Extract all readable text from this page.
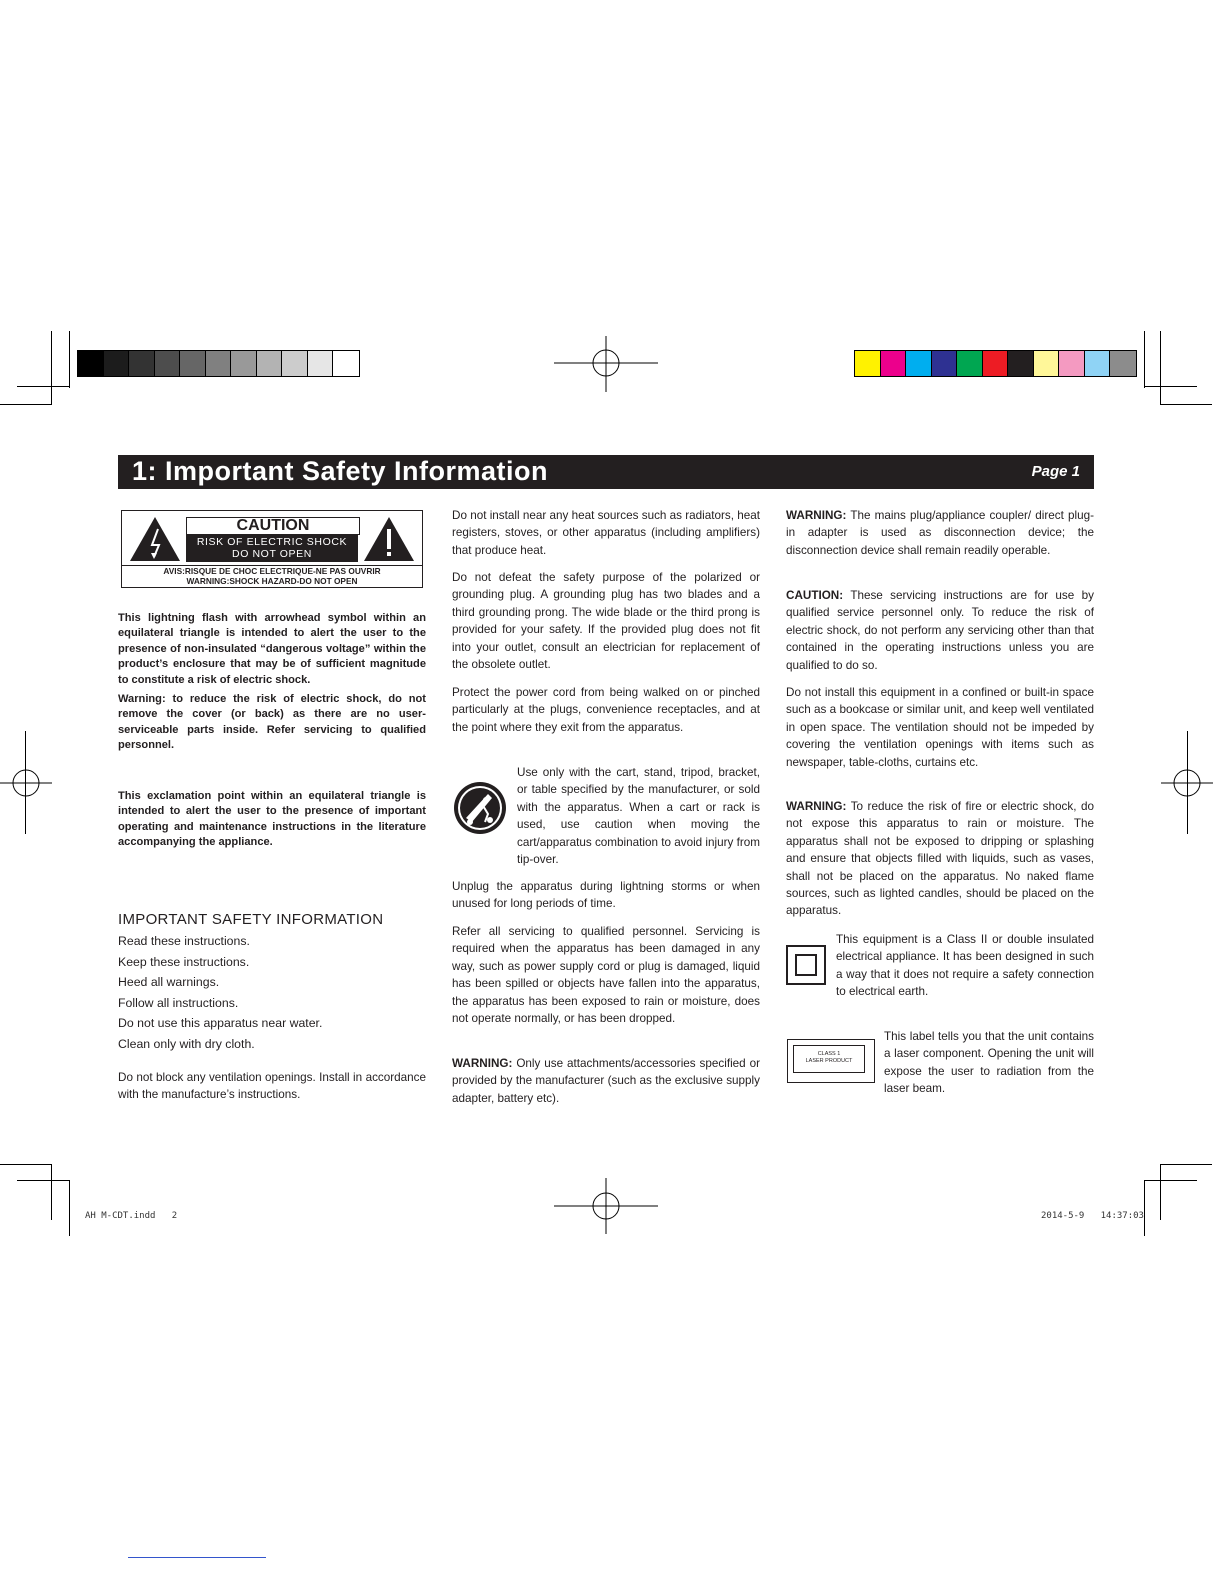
1: Important Safety Information	Page 1
CAUTION
RISK OF ELECTRIC SHOCK
DO NOT OPEN
AVIS:RISQUE DE CHOC ELECTRIQUE-NE PAS OUVRIR
WARNING:SHOCK HAZARD-DO NOT OPEN
This lightning flash with arrowhead symbol within an equilateral triangle is intended to alert the user to the presence of non-insulated “dangerous voltage” within the product’s enclosure that may be of sufficient magnitude to constitute a risk of electric shock.
Warning: to reduce the risk of electric shock, do not remove the cover (or back) as there are no user-serviceable parts inside. Refer servicing to qualified personnel.
This exclamation point within an equilateral triangle is intended to alert the user to the presence of important operating and maintenance instructions in the literature accompanying the appliance.
IMPORTANT SAFETY INFORMATION
Read these instructions.
Keep these instructions.
Heed all warnings.
Follow all instructions.
Do not use this apparatus near water.
Clean only with dry cloth.
Do not block any ventilation openings. Install in accordance with the manufacture’s instructions.
Do not install near any heat sources such as radiators, heat registers, stoves, or other apparatus (including amplifiers) that produce heat.
Do not defeat the safety purpose of the polarized or grounding plug. A grounding plug has two blades and a third grounding prong. The wide blade or the third prong is provided for your safety. If the provided plug does not fit into your outlet, consult an electrician for replacement of the obsolete outlet.
Protect the power cord from being walked on or pinched particularly at the plugs, convenience receptacles, and at the point where they exit from the apparatus.
Use only with the cart, stand, tripod, bracket, or table specified by the manufacturer, or sold with the apparatus. When a cart or rack is used, use caution when moving the cart/apparatus combination to avoid injury from tip-over.
Unplug the apparatus during lightning storms or when unused for long periods of time.
Refer all servicing to qualified personnel. Servicing is required when the apparatus has been damaged in any way, such as power supply cord or plug is damaged, liquid has been spilled or objects have fallen into the apparatus, the apparatus has been exposed to rain or moisture, does not operate normally, or has been dropped.
WARNING: Only use attachments/accessories specified or provided by the manufacturer (such as the exclusive supply adapter, battery etc).
WARNING: The mains plug/appliance coupler/ direct plug-in adapter is used as disconnection device; the disconnection device shall remain readily operable.
CAUTION: These servicing instructions are for use by qualified service personnel only. To reduce the risk of electric shock, do not perform any servicing other than that contained in the operating instructions unless you are qualified to do so.
Do not install this equipment in a confined or built-in space such as a bookcase or similar unit, and keep well ventilated in open space. The ventilation should not be impeded by covering the ventilation openings with items such as newspaper, table-cloths, curtains etc.
WARNING: To reduce the risk of fire or electric shock, do not expose this apparatus to rain or moisture. The apparatus shall not be exposed to dripping or splashing and ensure that objects filled with liquids, such as vases, shall not be placed on the apparatus. No naked flame sources, such as lighted candles, should be placed on the apparatus.
This equipment is a Class II or double insulated electrical appliance. It has been designed in such a way that it does not require a safety connection to electrical earth.
CLASS 1
LASER PRODUCT
This label tells you that the unit contains a laser component. Opening the unit will expose the user to radiation from the laser beam.
AH M-CDT.indd   2	2014-5-9   14:37:03
